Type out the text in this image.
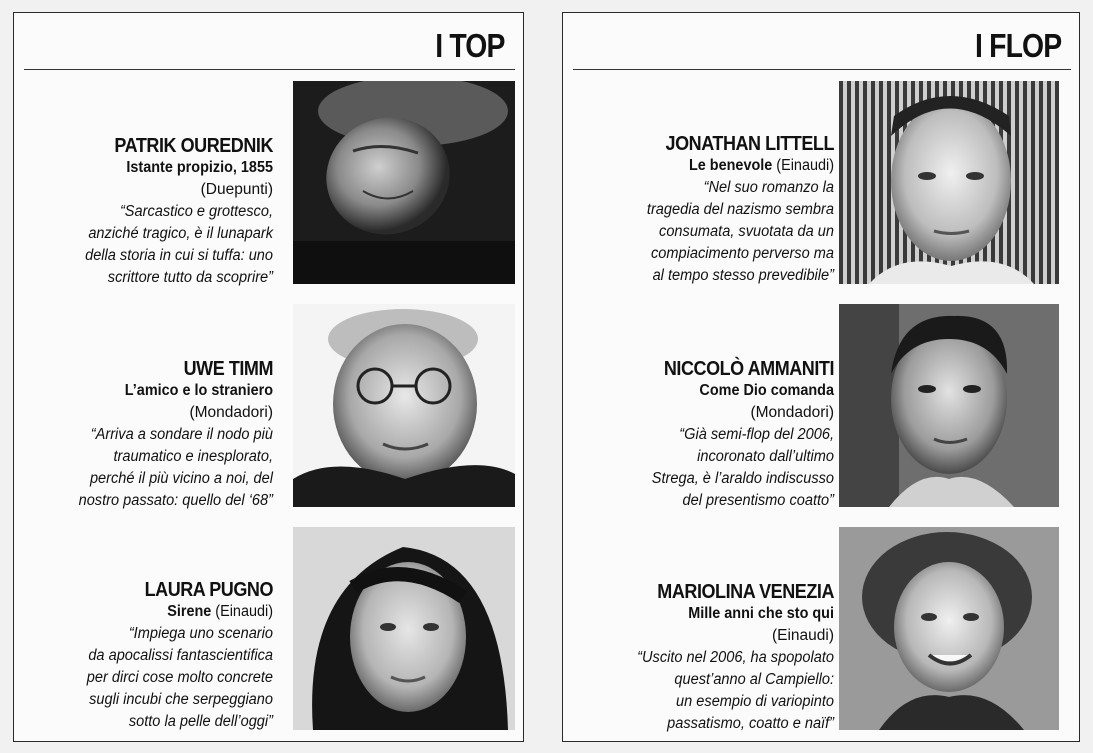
I TOP
PATRIK OUREDNIK
Istante propizio, 1855
(Duepunti)
“Sarcastico e grottesco,
anziché tragico, è il lunapark
della storia in cui si tuffa: uno
scrittore tutto da scoprire”
UWE TIMM
L’amico e lo straniero
(Mondadori)
“Arriva a sondare il nodo più
traumatico e inesplorato,
perché il più vicino a noi, del
nostro passato: quello del ‘68”
LAURA PUGNO
Sirene (Einaudi)
“Impiega uno scenario
da apocalissi fantascientifica
per dirci cose molto concrete
sugli incubi che serpeggiano
sotto la pelle dell’oggi”
I FLOP
JONATHAN LITTELL
Le benevole (Einaudi)
“Nel suo romanzo la
tragedia del nazismo sembra
consumata, svuotata da un
compiacimento perverso ma
al tempo stesso prevedibile”
NICCOLÒ AMMANITI
Come Dio comanda
(Mondadori)
“Già semi-flop del 2006,
incoronato dall’ultimo
Strega, è l’araldo indiscusso
del presentismo coatto”
MARIOLINA VENEZIA
Mille anni che sto qui
(Einaudi)
“Uscito nel 2006, ha spopolato
quest’anno al Campiello:
un esempio di variopinto
passatismo, coatto e naïf”
